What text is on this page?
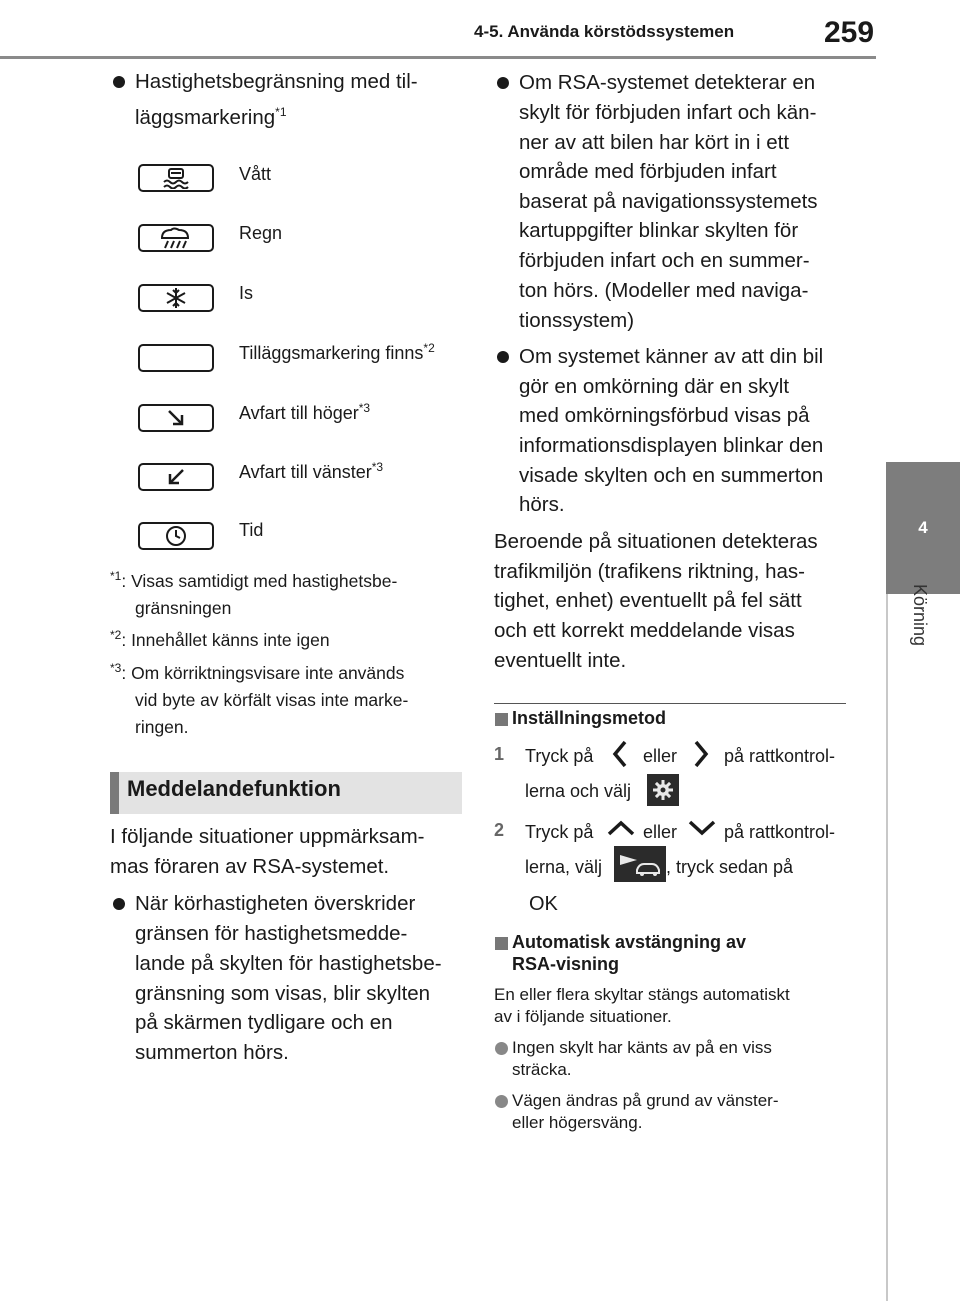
4-5. Använda körstödssystemen	259
4
Körning
Hastighetsbegränsning med til-
läggsmarkering$^{*1}$
Vått
Regn
Is
Tilläggsmarkering finns$^{*2}$
Avfart till höger$^{*3}$
Avfart till vänster$^{*3}$
Tid
$^{*1}$: Visas samtidigt med hastighetsbe-
gränsningen
$^{*2}$: Innehållet känns inte igen
$^{*3}$: Om körriktningsvisare inte används
vid byte av körfält visas inte marke-
ringen.
Meddelandefunktion
I följande situationer uppmärksam-
mas föraren av RSA-systemet.
När körhastigheten överskrider
gränsen för hastighetsmedde-
lande på skylten för hastighetsbe-
gränsning som visas, blir skylten
på skärmen tydligare och en
summerton hörs.
Om RSA-systemet detekterar en
skylt för förbjuden infart och kän-
ner av att bilen har kört in i ett
område med förbjuden infart
baserat på navigationssystemets
kartuppgifter blinkar skylten för
förbjuden infart och en summer-
ton hörs. (Modeller med naviga-
tionssystem)
Om systemet känner av att din bil
gör en omkörning där en skylt
med omkörningsförbud visas på
informationsdisplayen blinkar den
visade skylten och en summerton
hörs.
Beroende på situationen detekteras
trafikmiljön (trafikens riktning, has-
tighet, enhet) eventuellt på fel sätt
och ett korrekt meddelande visas
eventuellt inte.
Inställningsmetod
1 Tryck på	eller	på rattkontrol-
lerna och välj
2 Tryck på	eller	på rattkontrol-
lerna, välj	, tryck sedan på
OK
Automatisk avstängning av
RSA-visning
En eller flera skyltar stängs automatiskt
av i följande situationer.
Ingen skylt har känts av på en viss
sträcka.
Vägen ändras på grund av vänster-
eller högersväng.
